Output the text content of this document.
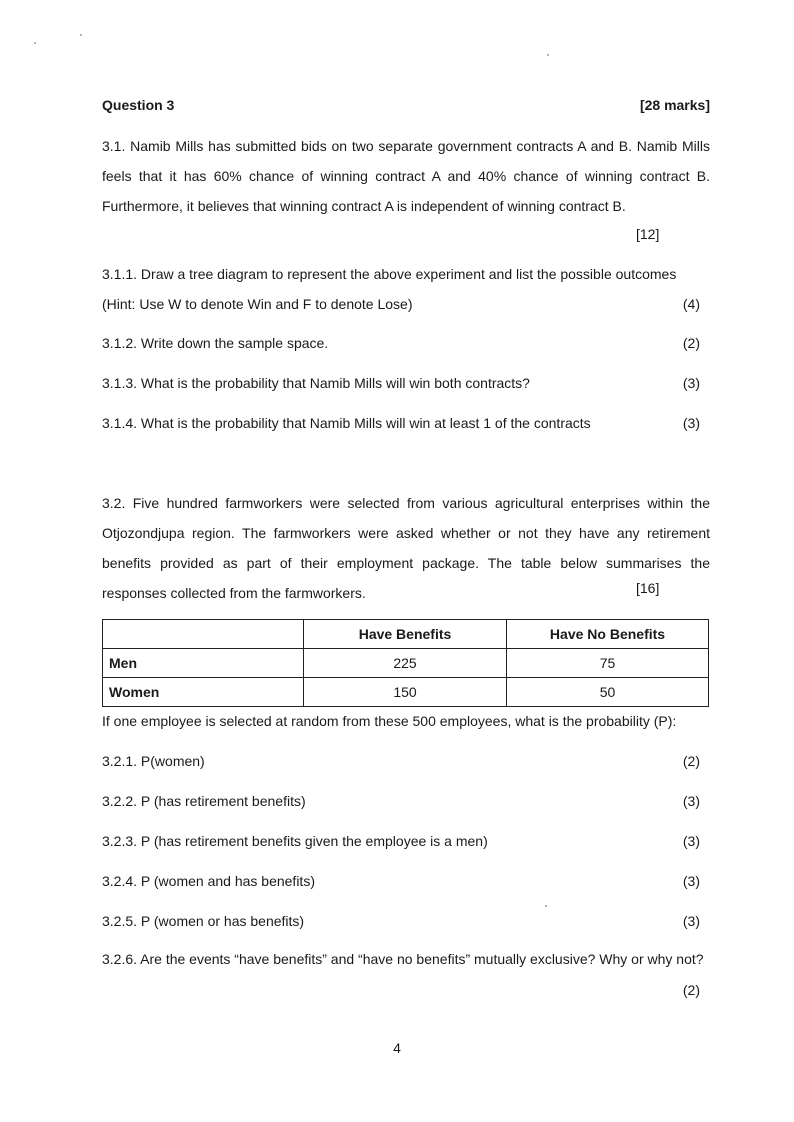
Question 3	[28 marks]
3.1. Namib Mills has submitted bids on two separate government contracts A and B. Namib Mills feels that it has 60% chance of winning contract A and 40% chance of winning contract B. Furthermore, it believes that winning contract A is independent of winning contract B.
[12]
3.1.1. Draw a tree diagram to represent the above experiment and list the possible outcomes
(Hint: Use W to denote Win and F to denote Lose)	(4)
3.1.2. Write down the sample space.	(2)
3.1.3. What is the probability that Namib Mills will win both contracts?	(3)
3.1.4. What is the probability that Namib Mills will win at least 1 of the contracts	(3)
3.2. Five hundred farmworkers were selected from various agricultural enterprises within the Otjozondjupa region. The farmworkers were asked whether or not they have any retirement benefits provided as part of their employment package. The table below summarises the responses collected from the farmworkers.	[16]
	Have Benefits	Have No Benefits
Men	225	75
Women	150	50
If one employee is selected at random from these 500 employees, what is the probability (P):
3.2.1. P(women)	(2)
3.2.2. P (has retirement benefits)	(3)
3.2.3. P (has retirement benefits given the employee is a men)	(3)
3.2.4. P (women and has benefits)	(3)
3.2.5. P (women or has benefits)	(3)
3.2.6. Are the events “have benefits” and “have no benefits” mutually exclusive? Why or why not?
(2)
4
